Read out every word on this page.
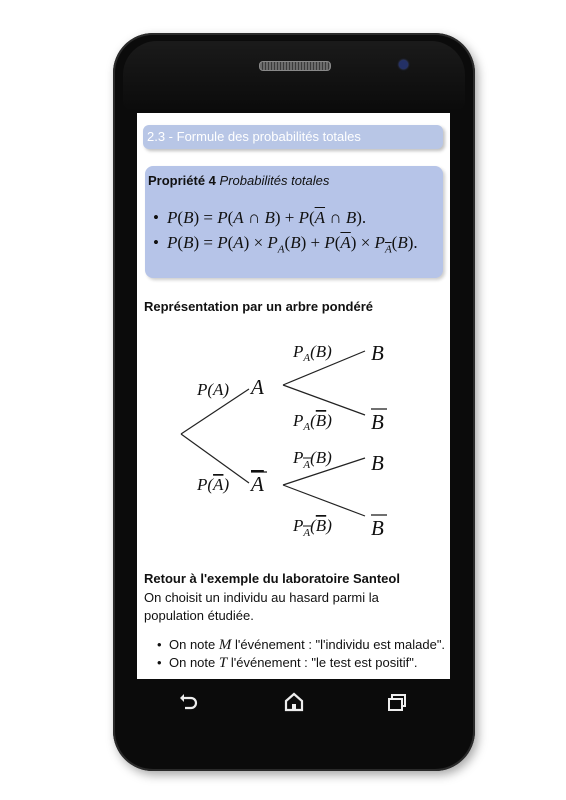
2.3 - Formule des probabilités totales
Propriété 4 Probabilités totales
• P(B) = P(A ∩ $B) + P(\overline{A}$ ∩ B).
• $P(B) = P(A) \times P_A(B) + P(\overline{A}) \times P_{\overline{A}}(B)$.
Représentation par un arbre pondéré
P(A) A
P(A) A
$P_A(B)$ B
$P_A(B)$ B
$P_A(B)$ B
$P_A(B)$ B
Retour à l'exemple du laboratoire Santeol
On choisit un individu au hasard parmi la population étudiée.
• On note M l'événement : "l'individu est malade".
• On note T l'événement : "le test est positif".
